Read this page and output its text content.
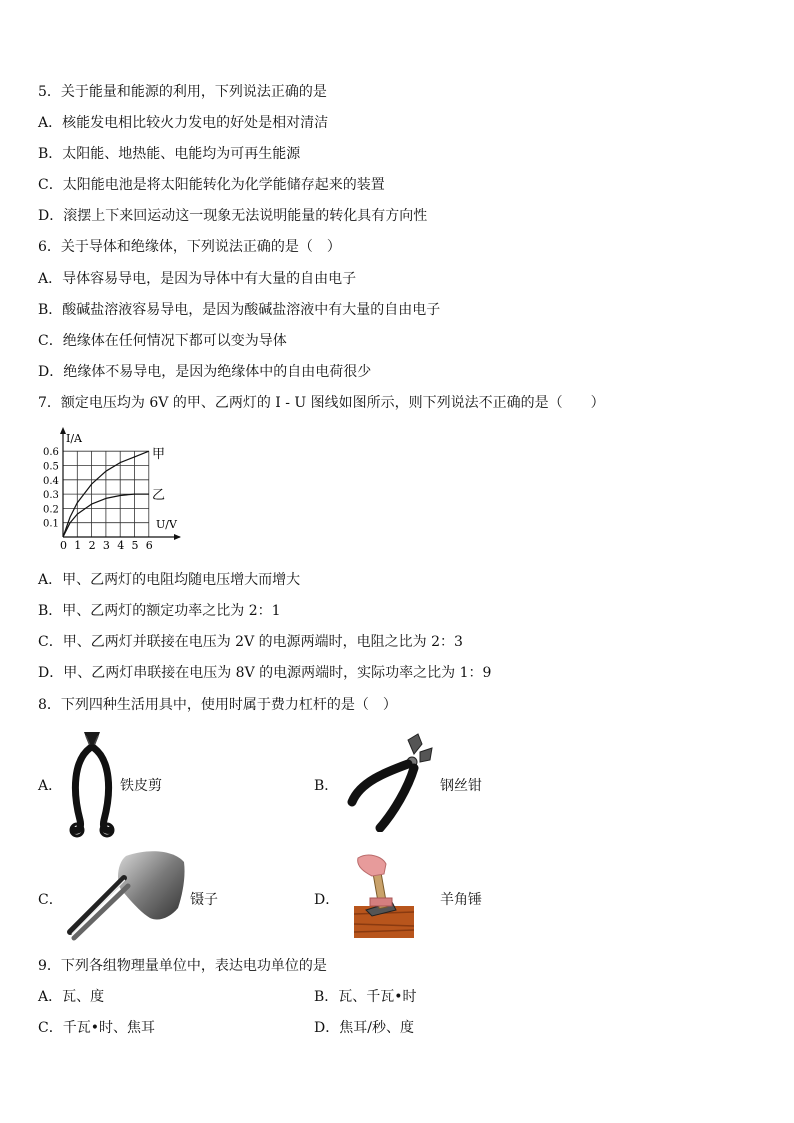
5．关于能量和能源的利用，下列说法正确的是
A．核能发电相比较火力发电的好处是相对清洁
B．太阳能、地热能、电能均为可再生能源
C．太阳能电池是将太阳能转化为化学能储存起来的装置
D．滚摆上下来回运动这一现象无法说明能量的转化具有方向性
6．关于导体和绝缘体，下列说法正确的是（　）
A．导体容易导电，是因为导体中有大量的自由电子
B．酸碱盐溶液容易导电，是因为酸碱盐溶液中有大量的自由电子
C．绝缘体在任何情况下都可以变为导体
D．绝缘体不易导电，是因为绝缘体中的自由电荷很少
7．额定电压均为 6V 的甲、乙两灯的 I - U 图线如图所示，则下列说法不正确的是（　　）
0.6
0.5
0.4
0.3
0.2
0.1
0 1 2 3 4 5 6
I/A
U/V
甲
乙
A．甲、乙两灯的电阻均随电压增大而增大
B．甲、乙两灯的额定功率之比为 2：1
C．甲、乙两灯并联接在电压为 2V 的电源两端时，电阻之比为 2：3
D．甲、乙两灯串联接在电压为 8V 的电源两端时，实际功率之比为 1：9
8．下列四种生活用具中，使用时属于费力杠杆的是（　）
A．	铁皮剪	B．	钢丝钳
C．	镊子	D．	羊角锤
9．下列各组物理量单位中，表达电功单位的是
A．瓦、度	B．瓦、千瓦•时
C．千瓦•时、焦耳	D．焦耳/秒、度
